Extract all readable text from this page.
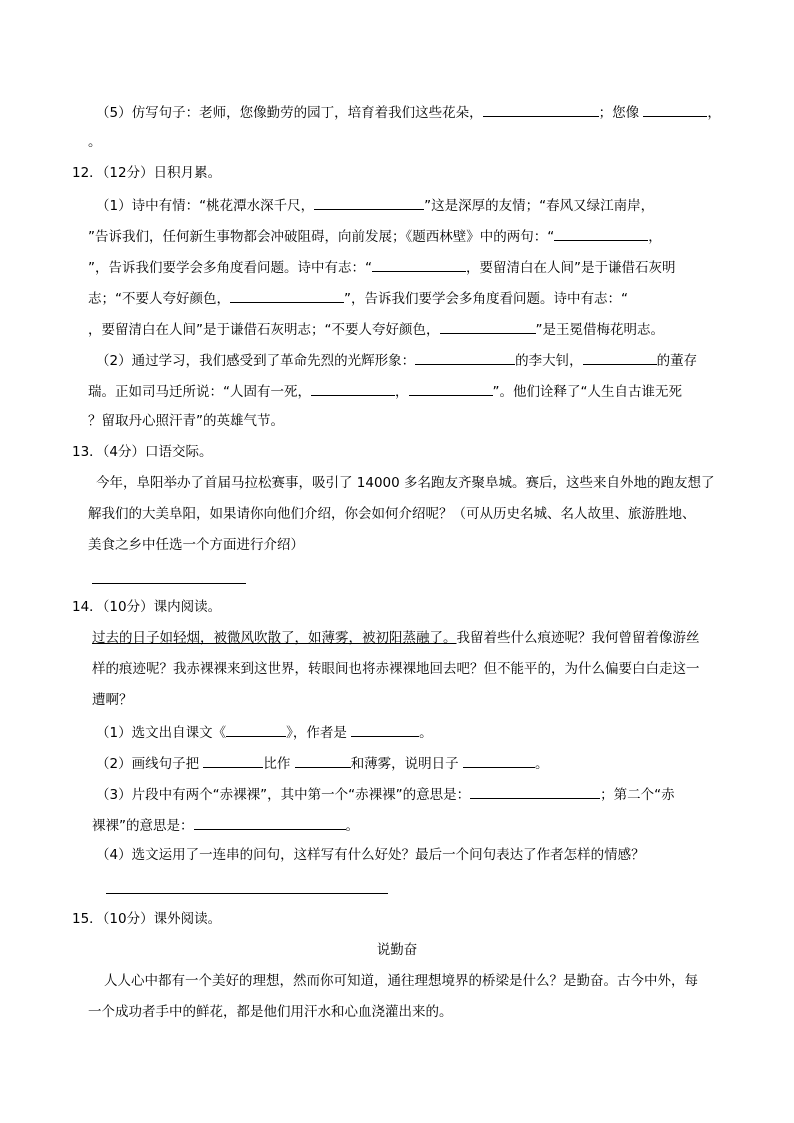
（5）仿写句子：老师，您像勤劳的园丁，培育着我们这些花朵，	；您像	，
。
12．（12分）日积月累。
（1）诗中有情：“桃花潭水深千尺，	”这是深厚的友情；“春风又绿江南岸，
”告诉我们，任何新生事物都会冲破阻碍，向前发展；《题西林壁》中的两句：“	，
”，告诉我们要学会多角度看问题。诗中有志：“	，要留清白在人间”是于谦借石灰明
志；“不要人夸好颜色，	”，告诉我们要学会多角度看问题。诗中有志：“
，要留清白在人间”是于谦借石灰明志；“不要人夸好颜色，	”是王冕借梅花明志。
（2）通过学习，我们感受到了革命先烈的光辉形象：	的李大钊，	的董存
瑞。正如司马迁所说：“人固有一死，	，	”。他们诠释了“人生自古谁无死
？留取丹心照汗青”的英雄气节。
13．（4分）口语交际。
今年，阜阳举办了首届马拉松赛事，吸引了 14000 多名跑友齐聚阜城。赛后，这些来自外地的跑友想了
解我们的大美阜阳，如果请你向他们介绍，你会如何介绍呢？（可从历史名城、名人故里、旅游胜地、
美食之乡中任选一个方面进行介绍）
14．（10分）课内阅读。
过去的日子如轻烟，被微风吹散了，如薄雾，被初阳蒸融了。我留着些什么痕迹呢？我何曾留着像游丝
样的痕迹呢？我赤裸裸来到这世界，转眼间也将赤裸裸地回去吧？但不能平的，为什么偏要白白走这一
遭啊？
（1）选文出自课文《	》，作者是	。
（2）画线句子把	比作	和薄雾，说明日子	。
（3）片段中有两个“赤裸裸”，其中第一个“赤裸裸”的意思是：	；第二个“赤
裸裸”的意思是：	。
（4）选文运用了一连串的问句，这样写有什么好处？最后一个问句表达了作者怎样的情感？
15．（10分）课外阅读。
说勤奋
人人心中都有一个美好的理想，然而你可知道，通往理想境界的桥梁是什么？是勤奋。古今中外，每
一个成功者手中的鲜花，都是他们用汗水和心血浇灌出来的。
